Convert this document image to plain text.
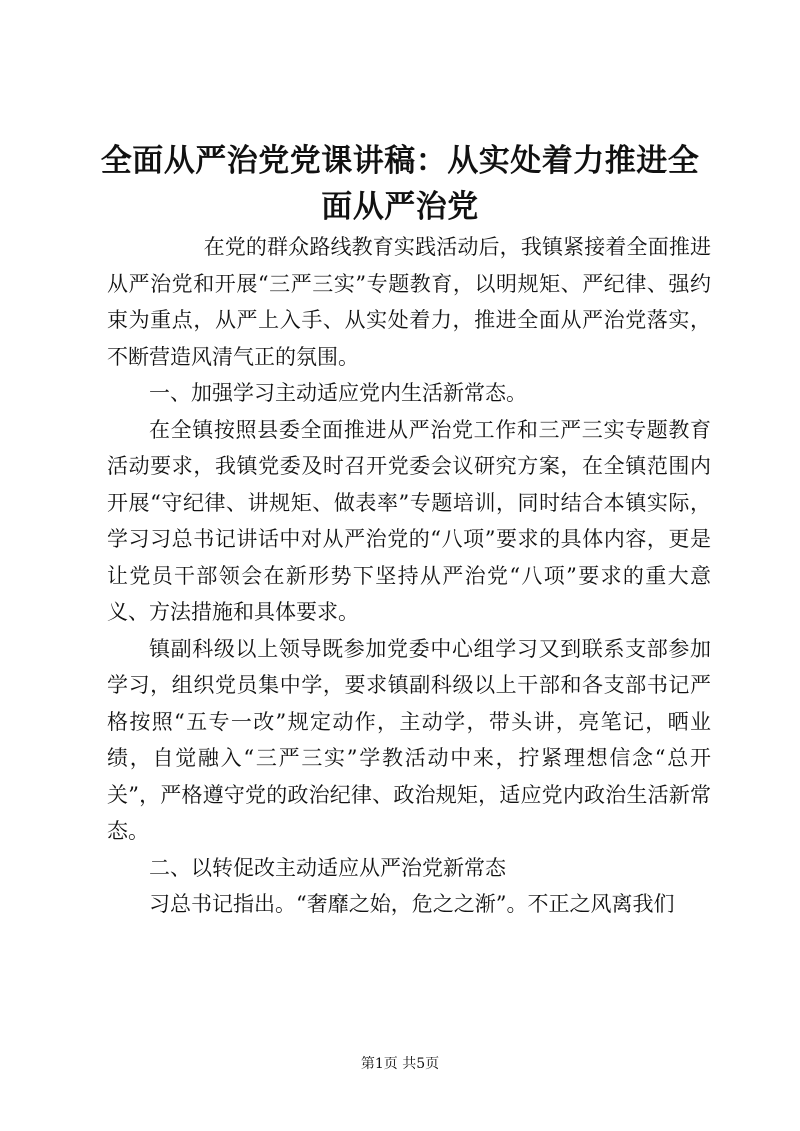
全面从严治党党课讲稿：从实处着力推进全面从严治党

在党的群众路线教育实践活动后，我镇紧接着全面推进从严治党和开展“三严三实”专题教育，以明规矩、严纪律、强约束为重点，从严上入手、从实处着力，推进全面从严治党落实，不断营造风清气正的氛围。

一、加强学习主动适应党内生活新常态。

在全镇按照县委全面推进从严治党工作和三严三实专题教育活动要求，我镇党委及时召开党委会议研究方案，在全镇范围内开展“守纪律、讲规矩、做表率”专题培训，同时结合本镇实际，学习习总书记讲话中对从严治党的“八项”要求的具体内容，更是让党员干部领会在新形势下坚持从严治党“八项”要求的重大意义、方法措施和具体要求。

镇副科级以上领导既参加党委中心组学习又到联系支部参加学习，组织党员集中学，要求镇副科级以上干部和各支部书记严格按照“五专一改”规定动作，主动学，带头讲，亮笔记，晒业绩，自觉融入“三严三实”学教活动中来，拧紧理想信念“总开关”，严格遵守党的政治纪律、政治规矩，适应党内政治生活新常态。

二、以转促改主动适应从严治党新常态

习总书记指出。“奢靡之始，危之之渐”。不正之风离我们

第1页 共5页
